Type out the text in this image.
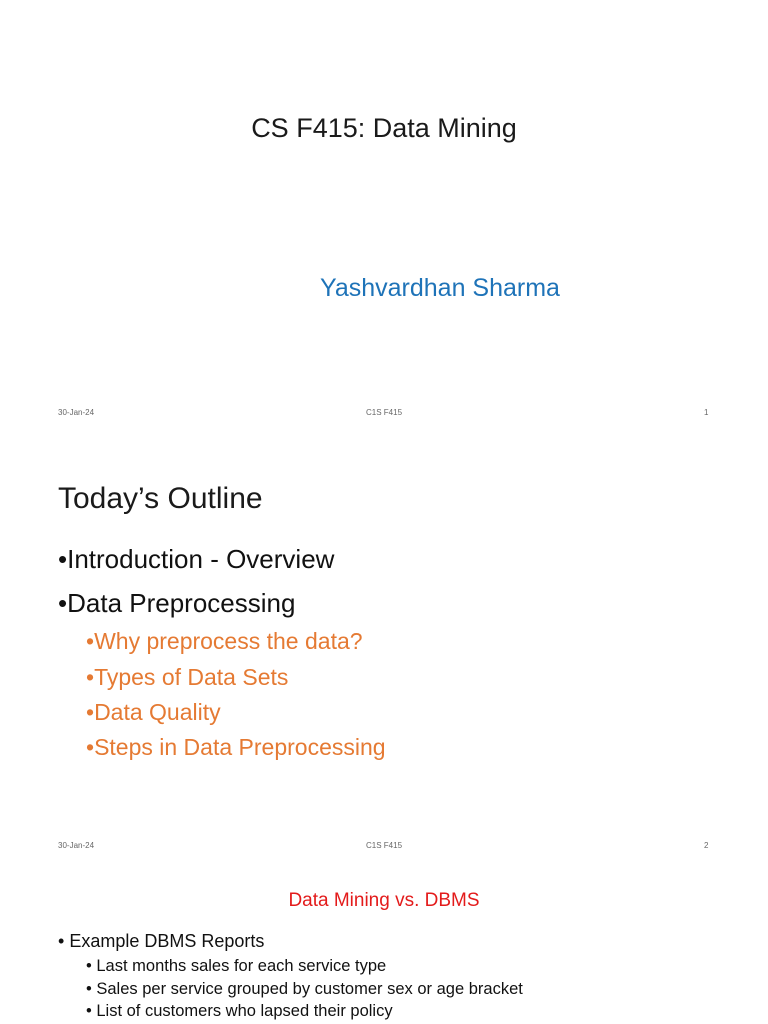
CS F415: Data Mining
Yashvardhan Sharma
30-Jan-24	C1S F415	1
Today’s Outline
•Introduction - Overview
•Data Preprocessing
•Why preprocess the data?
•Types of Data Sets
•Data Quality
•Steps in Data Preprocessing
30-Jan-24	C1S F415	2
Data Mining vs. DBMS
• Example DBMS Reports
• Last months sales for each service type
• Sales per service grouped by customer sex or age bracket
• List of customers who lapsed their policy
